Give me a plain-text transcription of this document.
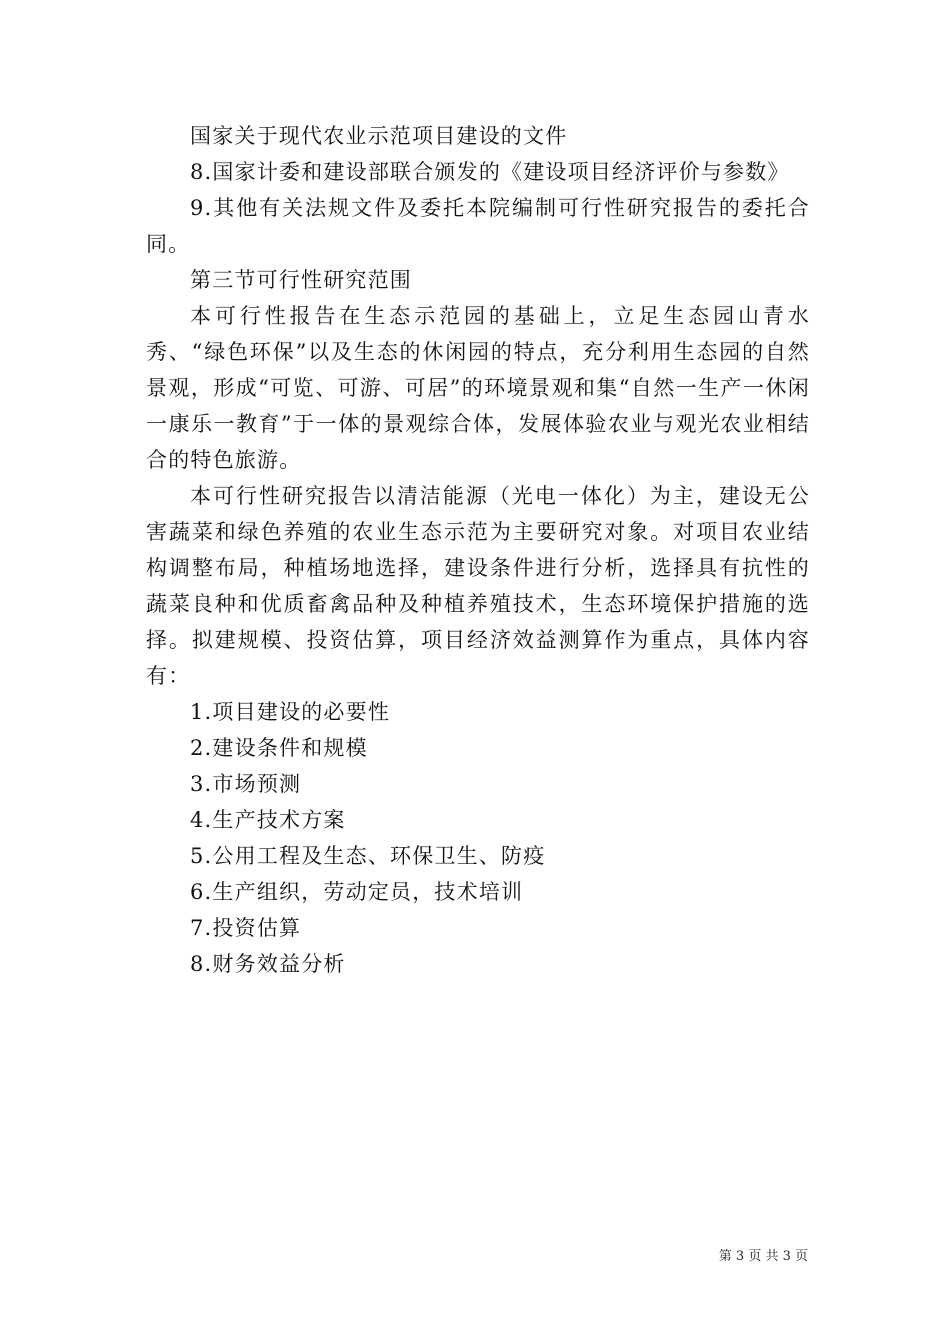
国家关于现代农业示范项目建设的文件
8.国家计委和建设部联合颁发的《建设项目经济评价与参数》

9.其他有关法规文件及委托本院编制可行性研究报告的委托合同。

第三节可行性研究范围

本可行性报告在生态示范园的基础上，立足生态园山青水秀、“绿色环保”以及生态的休闲园的特点，充分利用生态园的自然景观，形成“可览、可游、可居”的环境景观和集“自然一生产一休闲一康乐一教育”于一体的景观综合体，发展体验农业与观光农业相结合的特色旅游。

本可行性研究报告以清洁能源（光电一体化）为主，建设无公害蔬菜和绿色养殖的农业生态示范为主要研究对象。对项目农业结构调整布局，种植场地选择，建设条件进行分析，选择具有抗性的蔬菜良种和优质畜禽品种及种植养殖技术，生态环境保护措施的选择。拟建规模、投资估算，项目经济效益测算作为重点，具体内容有：

1.项目建设的必要性
2.建设条件和规模
3.市场预测
4.生产技术方案
5.公用工程及生态、环保卫生、防疫
6.生产组织，劳动定员，技术培训
7.投资估算
8.财务效益分析
第 3 页 共 3 页
